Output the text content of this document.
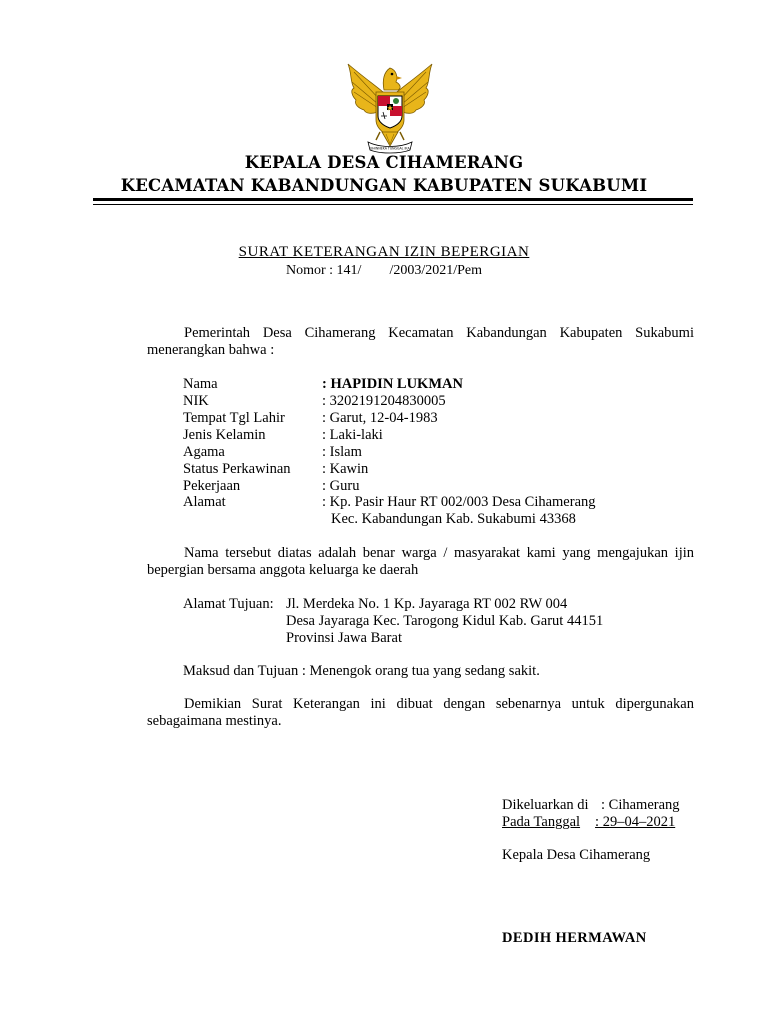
BHINNEKA TUNGGAL IKA
KEPALA DESA CIHAMERANG
KECAMATAN KABANDUNGAN KABUPATEN SUKABUMI
SURAT KETERANGAN IZIN BEPERGIAN
Nomor : 141/        /2003/2021/Pem
Pemerintah Desa Cihamerang Kecamatan Kabandungan Kabupaten Sukabumi
menerangkan bahwa :
Nama	: HAPIDIN LUKMAN
NIK	: 3202191204830005
Tempat Tgl Lahir	: Garut, 12-04-1983
Jenis Kelamin	: Laki-laki
Agama	: Islam
Status Perkawinan : Kawin
Pekerjaan	: Guru
Alamat	: Kp. Pasir Haur RT 002/003 Desa Cihamerang
Kec. Kabandungan Kab. Sukabumi 43368
Nama tersebut diatas adalah benar warga / masyarakat kami yang mengajukan ijin
bepergian bersama anggota keluarga ke daerah
Alamat Tujuan: Jl. Merdeka No. 1 Kp. Jayaraga RT 002 RW 004
Desa Jayaraga Kec. Tarogong Kidul Kab. Garut 44151
Provinsi Jawa Barat
Maksud dan Tujuan : Menengok orang tua yang sedang sakit.
Demikian Surat Keterangan ini dibuat dengan sebenarnya untuk dipergunakan
sebagaimana mestinya.
Dikeluarkan di : Cihamerang
Pada Tanggal : 29–04–2021
Kepala Desa Cihamerang
DEDIH HERMAWAN
